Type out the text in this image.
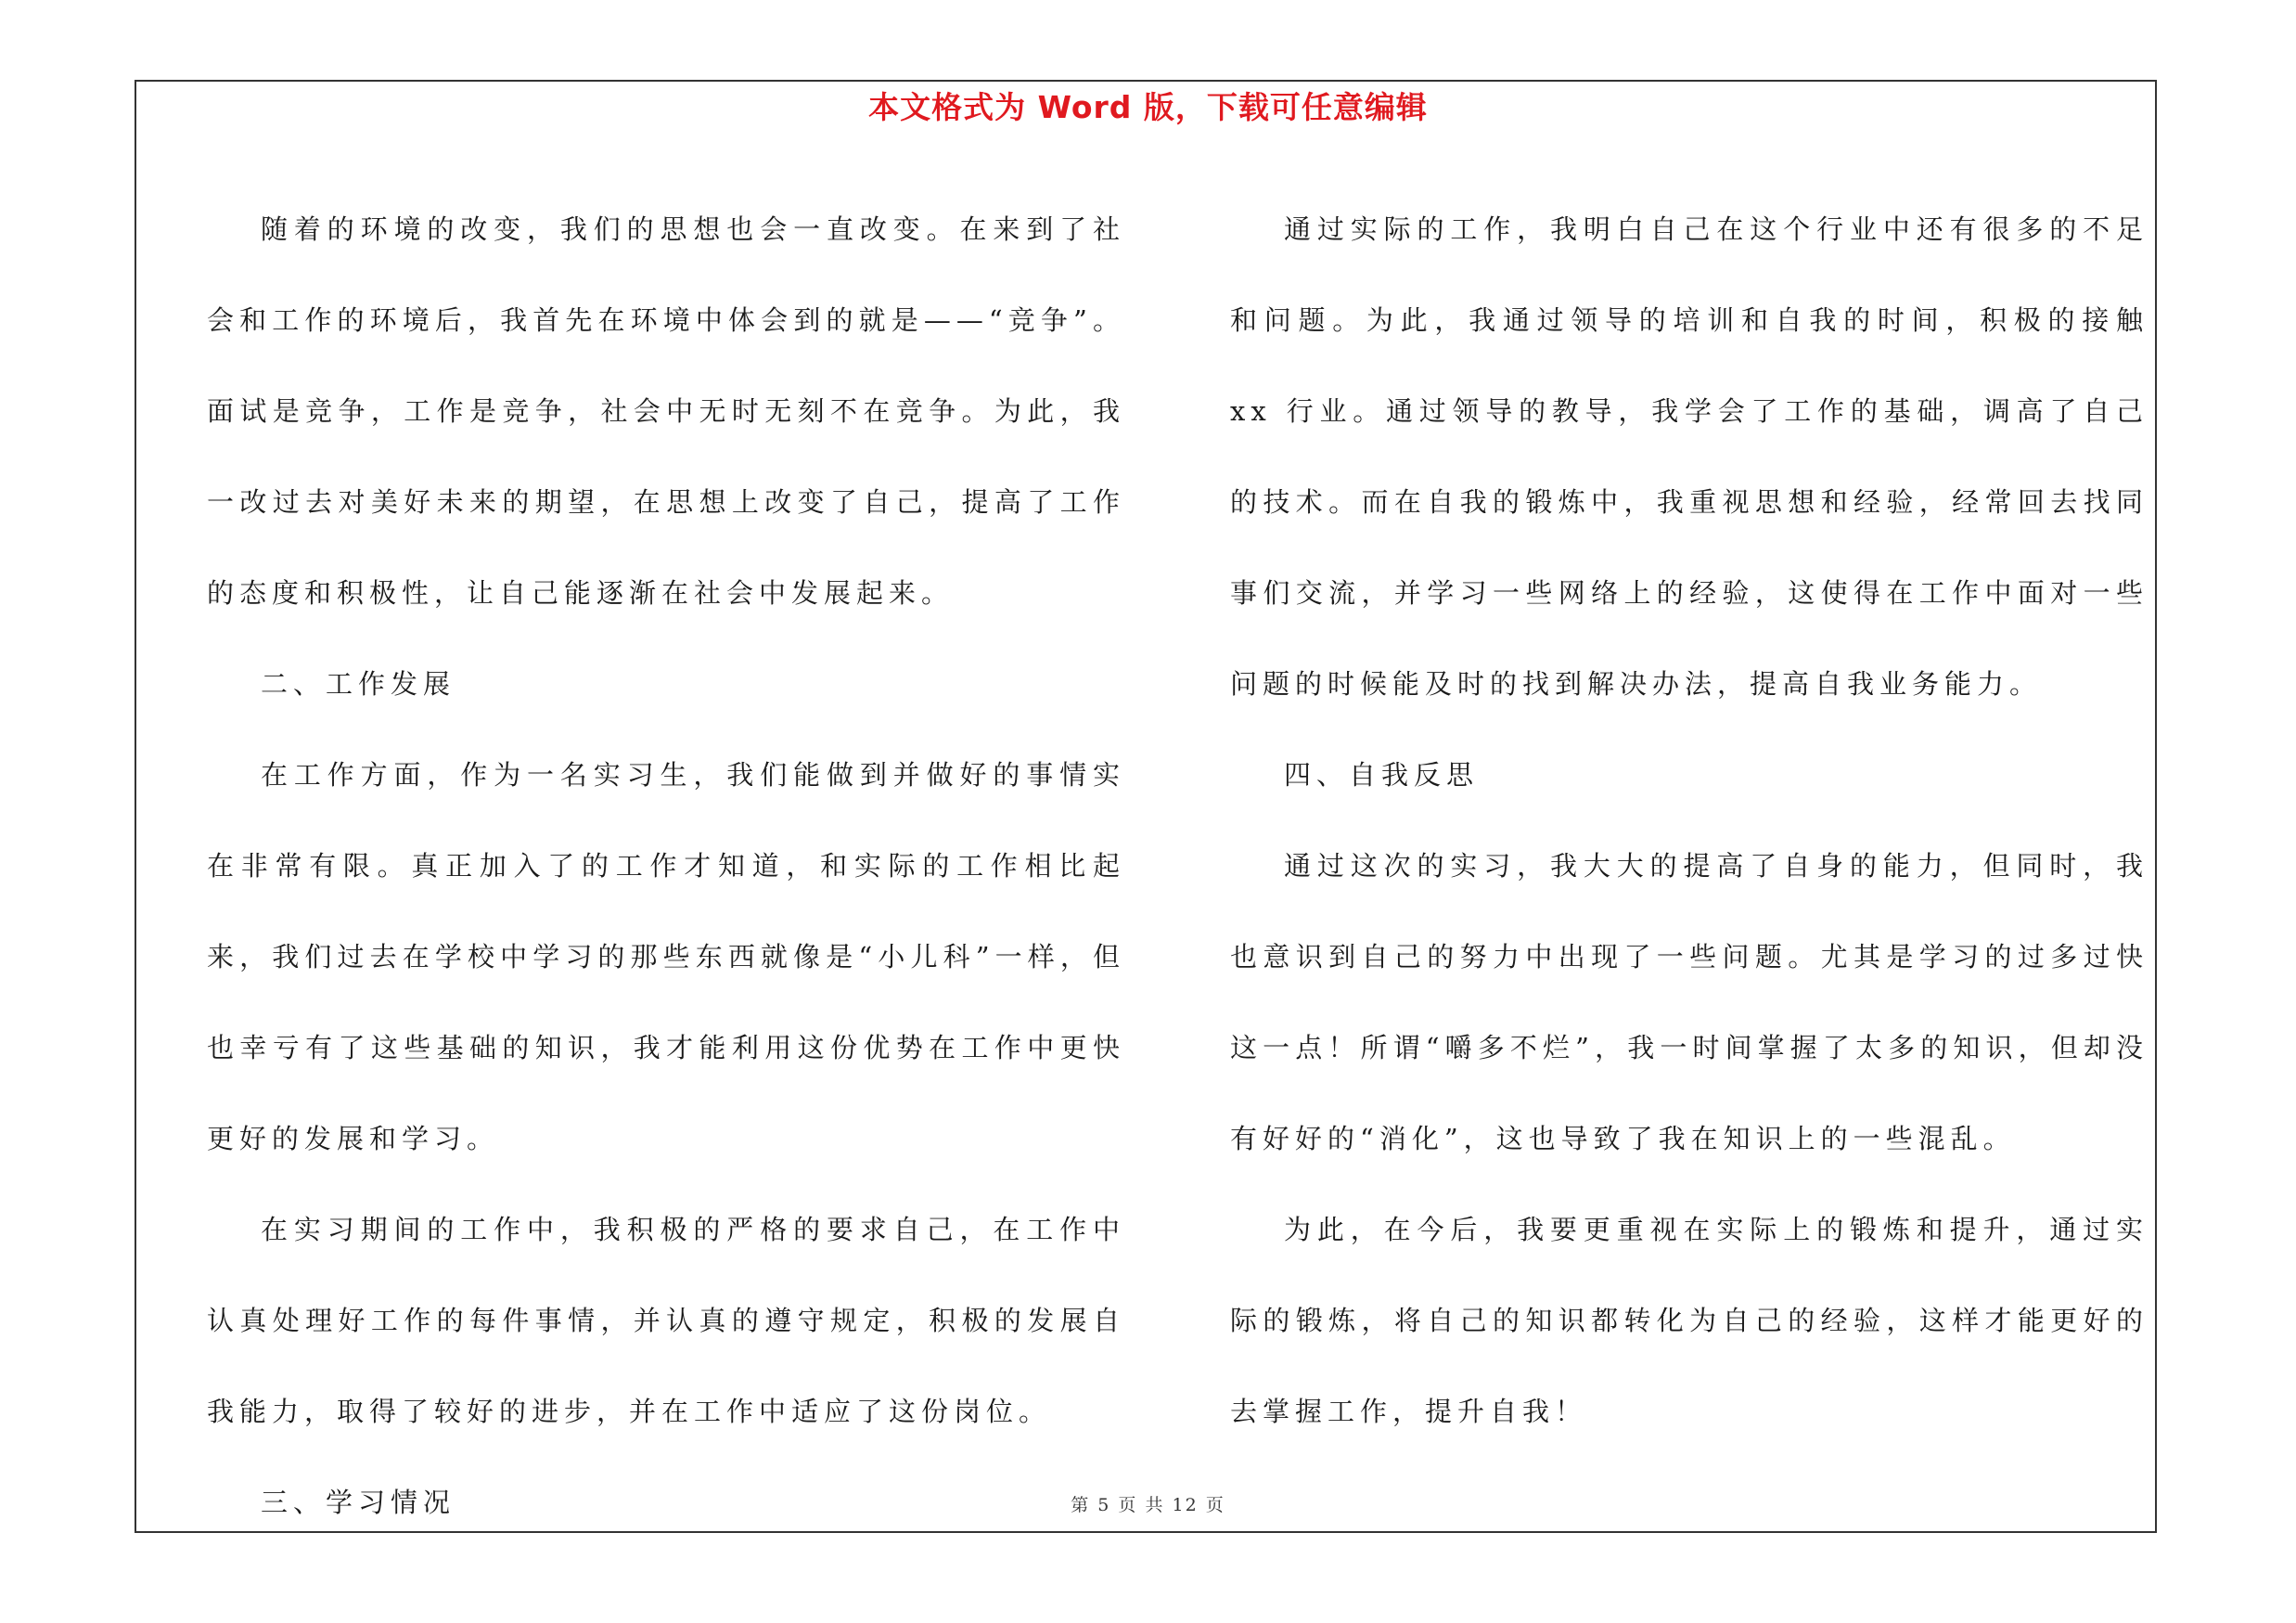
本文格式为 Word 版，下载可任意编辑

随着的环境的改变，我们的思想也会一直改变。在来到了社会和工作的环境后，我首先在环境中体会到的就是——“竞争”。面试是竞争，工作是竞争，社会中无时无刻不在竞争。为此，我一改过去对美好未来的期望，在思想上改变了自己，提高了工作的态度和积极性，让自己能逐渐在社会中发展起来。

二、工作发展

在工作方面，作为一名实习生，我们能做到并做好的事情实在非常有限。真正加入了的工作才知道，和实际的工作相比起来，我们过去在学校中学习的那些东西就像是“小儿科”一样，但也幸亏有了这些基础的知识，我才能利用这份优势在工作中更快更好的发展和学习。

在实习期间的工作中，我积极的严格的要求自己，在工作中认真处理好工作的每件事情，并认真的遵守规定，积极的发展自我能力，取得了较好的进步，并在工作中适应了这份岗位。

三、学习情况

通过实际的工作，我明白自己在这个行业中还有很多的不足和问题。为此，我通过领导的培训和自我的时间，积极的接触 xx 行业。通过领导的教导，我学会了工作的基础，调高了自己的技术。而在自我的锻炼中，我重视思想和经验，经常回去找同事们交流，并学习一些网络上的经验，这使得在工作中面对一些问题的时候能及时的找到解决办法，提高自我业务能力。

四、自我反思

通过这次的实习，我大大的提高了自身的能力，但同时，我也意识到自己的努力中出现了一些问题。尤其是学习的过多过快这一点！所谓“嚼多不烂”，我一时间掌握了太多的知识，但却没有好好的“消化”，这也导致了我在知识上的一些混乱。

为此，在今后，我要更重视在实际上的锻炼和提升，通过实际的锻炼，将自己的知识都转化为自己的经验，这样才能更好的去掌握工作，提升自我！

第 5 页 共 12 页
